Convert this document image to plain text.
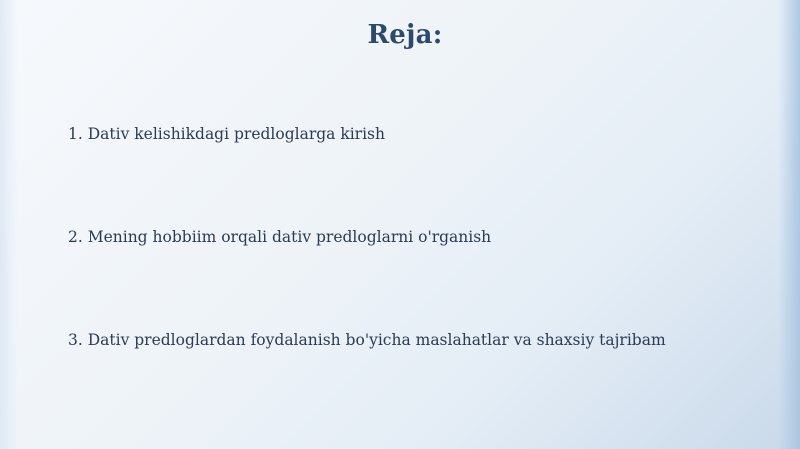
Reja:
1. Dativ kelishikdagi predloglarga kirish
2. Mening hobbiim orqali dativ predloglarni o'rganish
3. Dativ predloglardan foydalanish bo'yicha maslahatlar va shaxsiy tajribam
